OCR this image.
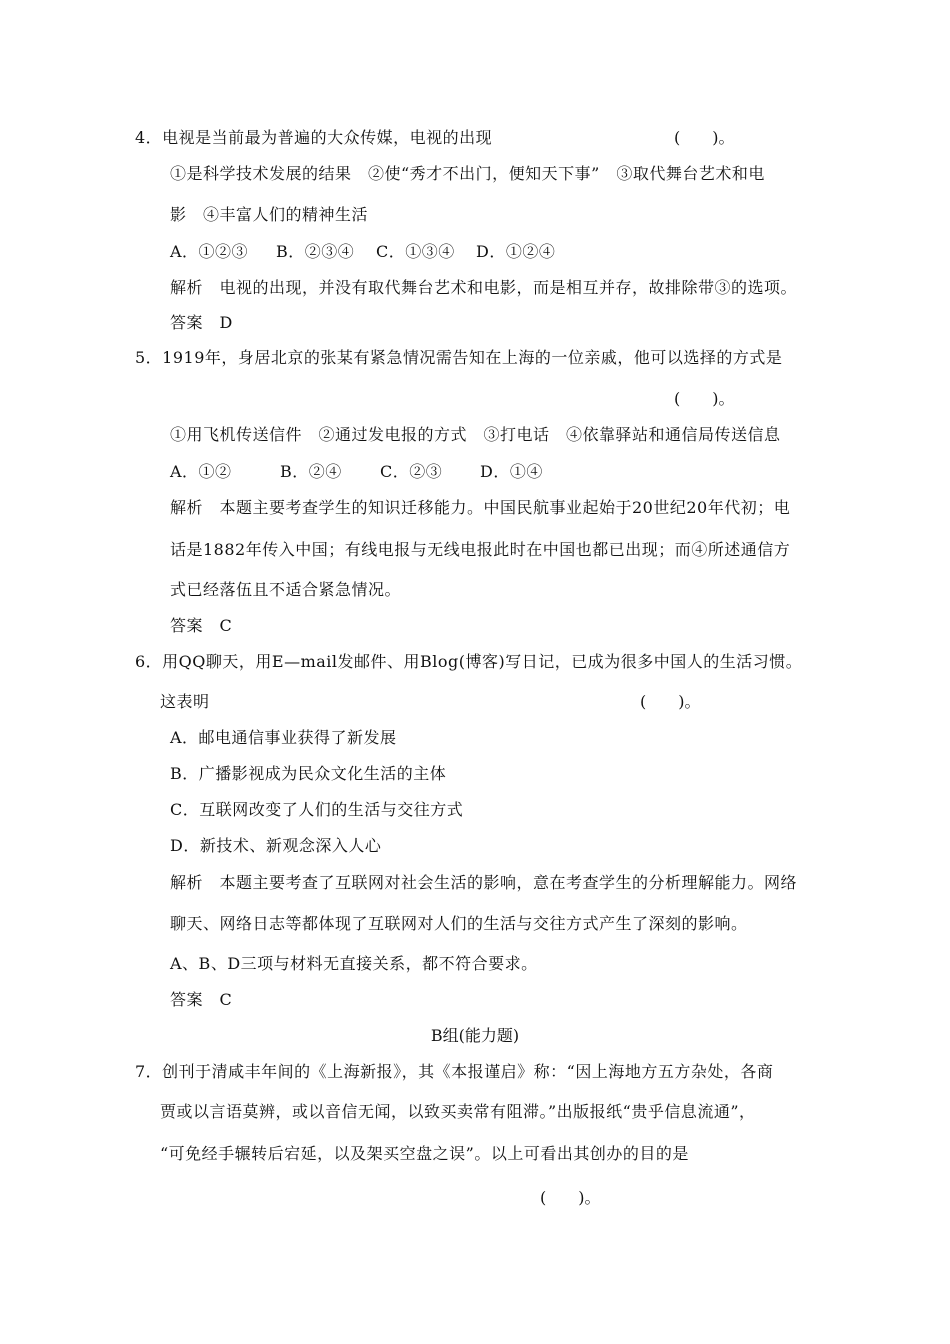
4．电视是当前最为普遍的大众传媒，电视的出现	(　　)。
①是科学技术发展的结果　②使“秀才不出门，便知天下事”　③取代舞台艺术和电
影　④丰富人们的精神生活
A．①②③ B．②③④ C．①③④ D．①②④
解析　电视的出现，并没有取代舞台艺术和电影，而是相互并存，故排除带③的选项。
答案　D
5．1919年，身居北京的张某有紧急情况需告知在上海的一位亲戚，他可以选择的方式是
(　　)。
①用飞机传送信件　②通过发电报的方式　③打电话　④依靠驿站和通信局传送信息
A．①②	B．②④ C．②③ D．①④
解析　本题主要考查学生的知识迁移能力。中国民航事业起始于20世纪20年代初；电
话是1882年传入中国；有线电报与无线电报此时在中国也都已出现；而④所述通信方
式已经落伍且不适合紧急情况。
答案　C
6．用QQ聊天，用E—mail发邮件、用Blog(博客)写日记，已成为很多中国人的生活习惯。
这表明	(　　)。
A．邮电通信事业获得了新发展
B．广播影视成为民众文化生活的主体
C．互联网改变了人们的生活与交往方式
D．新技术、新观念深入人心
解析　本题主要考查了互联网对社会生活的影响，意在考查学生的分析理解能力。网络
聊天、网络日志等都体现了互联网对人们的生活与交往方式产生了深刻的影响。
A、B、D三项与材料无直接关系，都不符合要求。
答案　C
B组(能力题)
7．创刊于清咸丰年间的《上海新报》，其《本报谨启》称：“因上海地方五方杂处，各商
贾或以言语莫辨，或以音信无闻，以致买卖常有阻滞。”出版报纸“贵乎信息流通”，
“可免经手辗转后宕延，以及架买空盘之误”。以上可看出其创办的目的是
(　　)。
